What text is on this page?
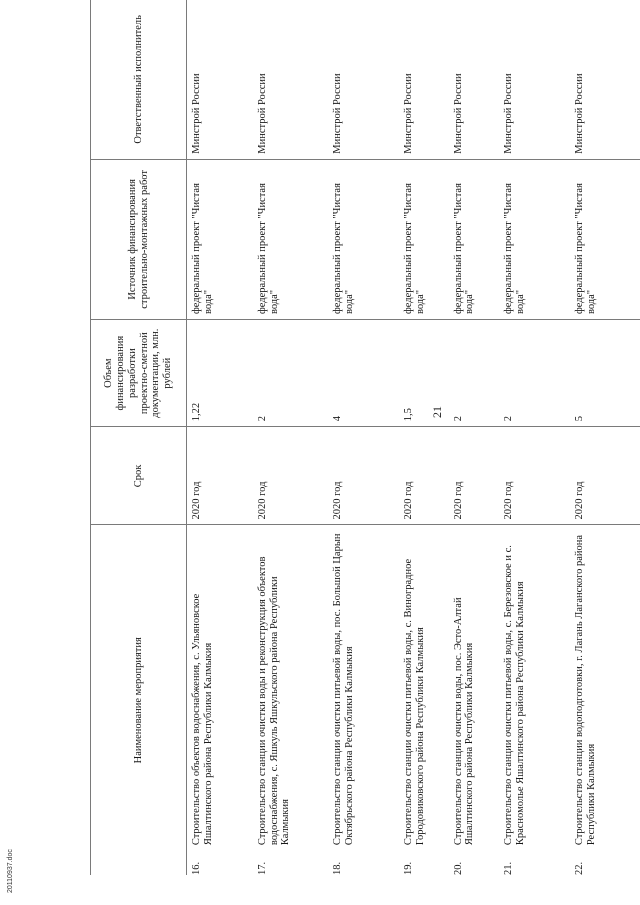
Наименование мероприятия		Срок	Объем финансирования разработки проектно-сметной документации, млн. рублей	Источник финансирования строительно-монтажных работ	Ответственный исполнитель
16.	Строительство объектов водоснабжения, с. Ульяновское Яшалтинского района Республики Калмыкия	2020 год	1,22	федеральный проект "Чистая вода"	Минстрой России
17.	Строительство станции очистки воды и реконструкция объектов водоснабжения, с. Яшкуль Яшкульского района Республики Калмыкия	2020 год	2	федеральный проект "Чистая вода"	Минстрой России
18.	Строительство станции очистки питьевой воды, пос. Большой Царын Октябрьского района Республики Калмыкия	2020 год	4	федеральный проект "Чистая вода"	Минстрой России
19.	Строительство станции очистки питьевой воды, с. Виноградное Городовиковского района Республики Калмыкия	2020 год	1,5	федеральный проект "Чистая вода"	Минстрой России
20.	Строительство станции очистки воды, пос. Эсто-Алтай Яшалтинского района Республики Калмыкия	2020 год	2	федеральный проект "Чистая вода"	Минстрой России
21.	Строительство станции очистки питьевой воды, с. Березовское и с. Красномолье Яшалтинского района Республики Калмыкия	2020 год	2	федеральный проект "Чистая вода"	Минстрой России
22.	Строительство станции водоподготовки, г. Лагань Лаганского района Республики Калмыкия	2020 год	5	федеральный проект "Чистая вода"	Минстрой России
21
20110937.doc
